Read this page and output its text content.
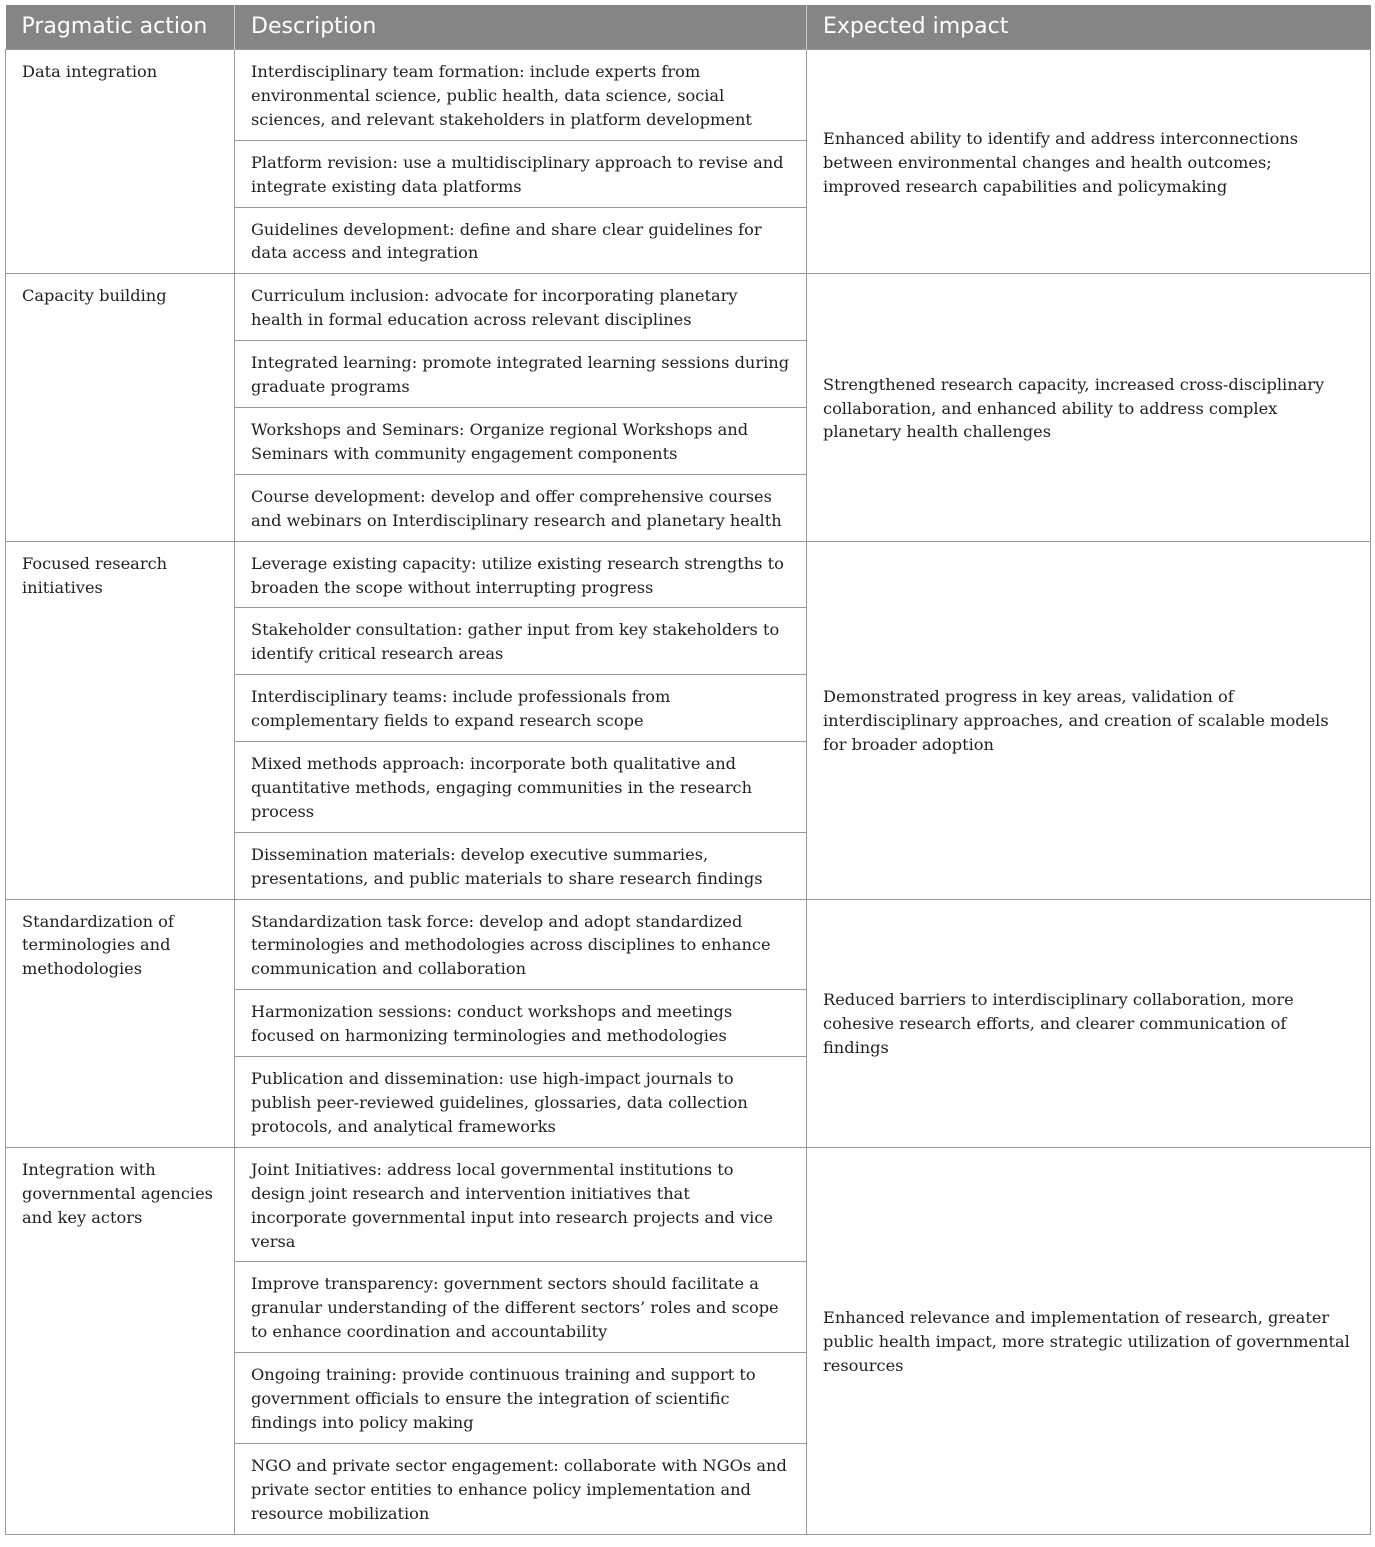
Pragmatic action	Description	Expected impact
Data integration	Interdisciplinary team formation: include experts from environmental science, public health, data science, social sciences, and relevant stakeholders in platform development	Enhanced ability to identify and address interconnections between environmental changes and health outcomes; improved research capabilities and policymaking
	Platform revision: use a multidisciplinary approach to revise and integrate existing data platforms	
	Guidelines development: define and share clear guidelines for data access and integration	
Capacity building	Curriculum inclusion: advocate for incorporating planetary health in formal education across relevant disciplines	Strengthened research capacity, increased cross-disciplinary collaboration, and enhanced ability to address complex planetary health challenges
	Integrated learning: promote integrated learning sessions during graduate programs	
	Workshops and Seminars: Organize regional Workshops and Seminars with community engagement components	
	Course development: develop and offer comprehensive courses and webinars on Interdisciplinary research and planetary health	
Focused research initiatives	Leverage existing capacity: utilize existing research strengths to broaden the scope without interrupting progress	Demonstrated progress in key areas, validation of interdisciplinary approaches, and creation of scalable models for broader adoption
	Stakeholder consultation: gather input from key stakeholders to identify critical research areas	
	Interdisciplinary teams: include professionals from complementary fields to expand research scope	
	Mixed methods approach: incorporate both qualitative and quantitative methods, engaging communities in the research process	
	Dissemination materials: develop executive summaries, presentations, and public materials to share research findings	
Standardization of terminologies and methodologies	Standardization task force: develop and adopt standardized terminologies and methodologies across disciplines to enhance communication and collaboration	Reduced barriers to interdisciplinary collaboration, more cohesive research efforts, and clearer communication of findings
	Harmonization sessions: conduct workshops and meetings focused on harmonizing terminologies and methodologies	
	Publication and dissemination: use high-impact journals to publish peer-reviewed guidelines, glossaries, data collection protocols, and analytical frameworks	
Integration with governmental agencies and key actors	Joint Initiatives: address local governmental institutions to design joint research and intervention initiatives that incorporate governmental input into research projects and vice versa	Enhanced relevance and implementation of research, greater public health impact, more strategic utilization of governmental resources
	Improve transparency: government sectors should facilitate a granular understanding of the different sectors’ roles and scope to enhance coordination and accountability	
	Ongoing training: provide continuous training and support to government officials to ensure the integration of scientific findings into policy making	
	NGO and private sector engagement: collaborate with NGOs and private sector entities to enhance policy implementation and resource mobilization	
